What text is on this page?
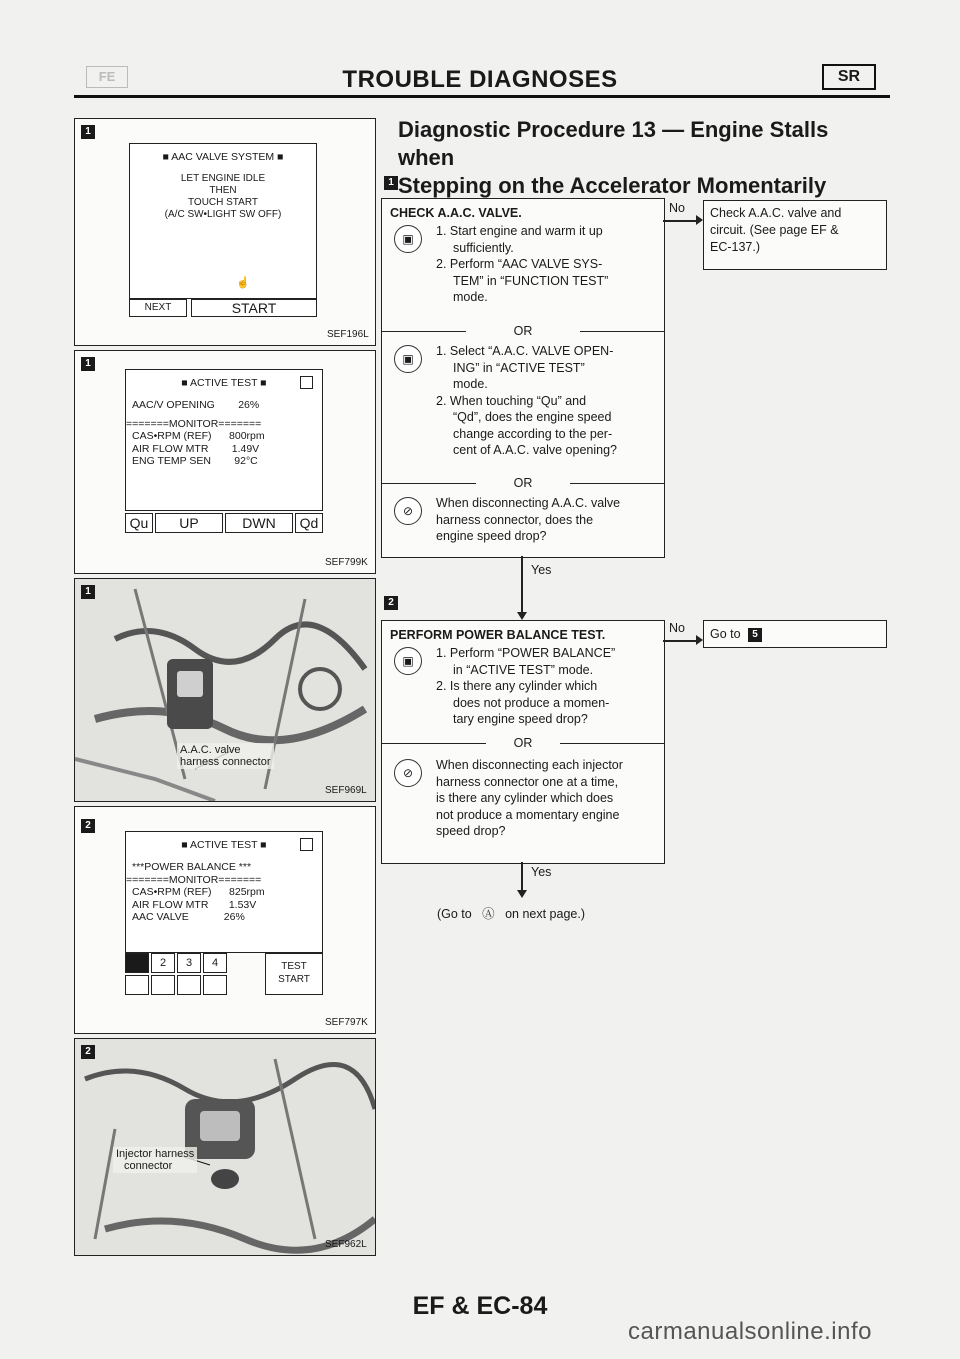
FE	TROUBLE DIAGNOSES	SR
1
■ AAC VALVE SYSTEM ■
LET ENGINE IDLE
THEN
TOUCH START
(A/C SW•LIGHT SW OFF)
☝
NEXT	START
SEF196L
1
■ ACTIVE TEST ■
AAC/V OPENING        26%
=======MONITOR=======
CAS•RPM (REF)      800rpm
AIR FLOW MTR        1.49V
ENG TEMP SEN        92°C
Qu	UP	DWN	Qd
SEF799K
1
A.A.C. valve
harness connector
SEF969L
2
■ ACTIVE TEST ■
***POWER BALANCE ***
=======MONITOR=======
CAS•RPM (REF)      825rpm
AIR FLOW MTR       1.53V
AAC VALVE            26%
2	3	4	TEST
START
SEF797K
2
Injector harness
connector
SEF962L
Diagnostic Procedure 13 — Engine Stalls when
Stepping on the Accelerator Momentarily
1
CHECK A.A.C. VALVE.
▣
1. Start engine and warm it up
sufficiently.
2. Perform “AAC VALVE SYS-
TEM” in “FUNCTION TEST”
mode.
OR
▣
1. Select “A.A.C. VALVE OPEN-
ING” in “ACTIVE TEST”
mode.
2. When touching “Qu” and
“Qd”, does the engine speed
change according to the per-
cent of A.A.C. valve opening?
OR
⊘
When disconnecting A.A.C. valve
harness connector, does the
engine speed drop?
No Check A.A.C. valve and
circuit. (See page EF &
EC-137.)
Yes
2
PERFORM POWER BALANCE TEST.
▣
1. Perform “POWER BALANCE”
in “ACTIVE TEST” mode.
2. Is there any cylinder which
does not produce a momen-
tary engine speed drop?
OR
⊘
When disconnecting each injector
harness connector one at a time,
is there any cylinder which does
not produce a momentary engine
speed drop?
No	Go to 5
Yes
(Go to   Ⓐ   on next page.)
EF & EC-84
carmanualsonline.info
